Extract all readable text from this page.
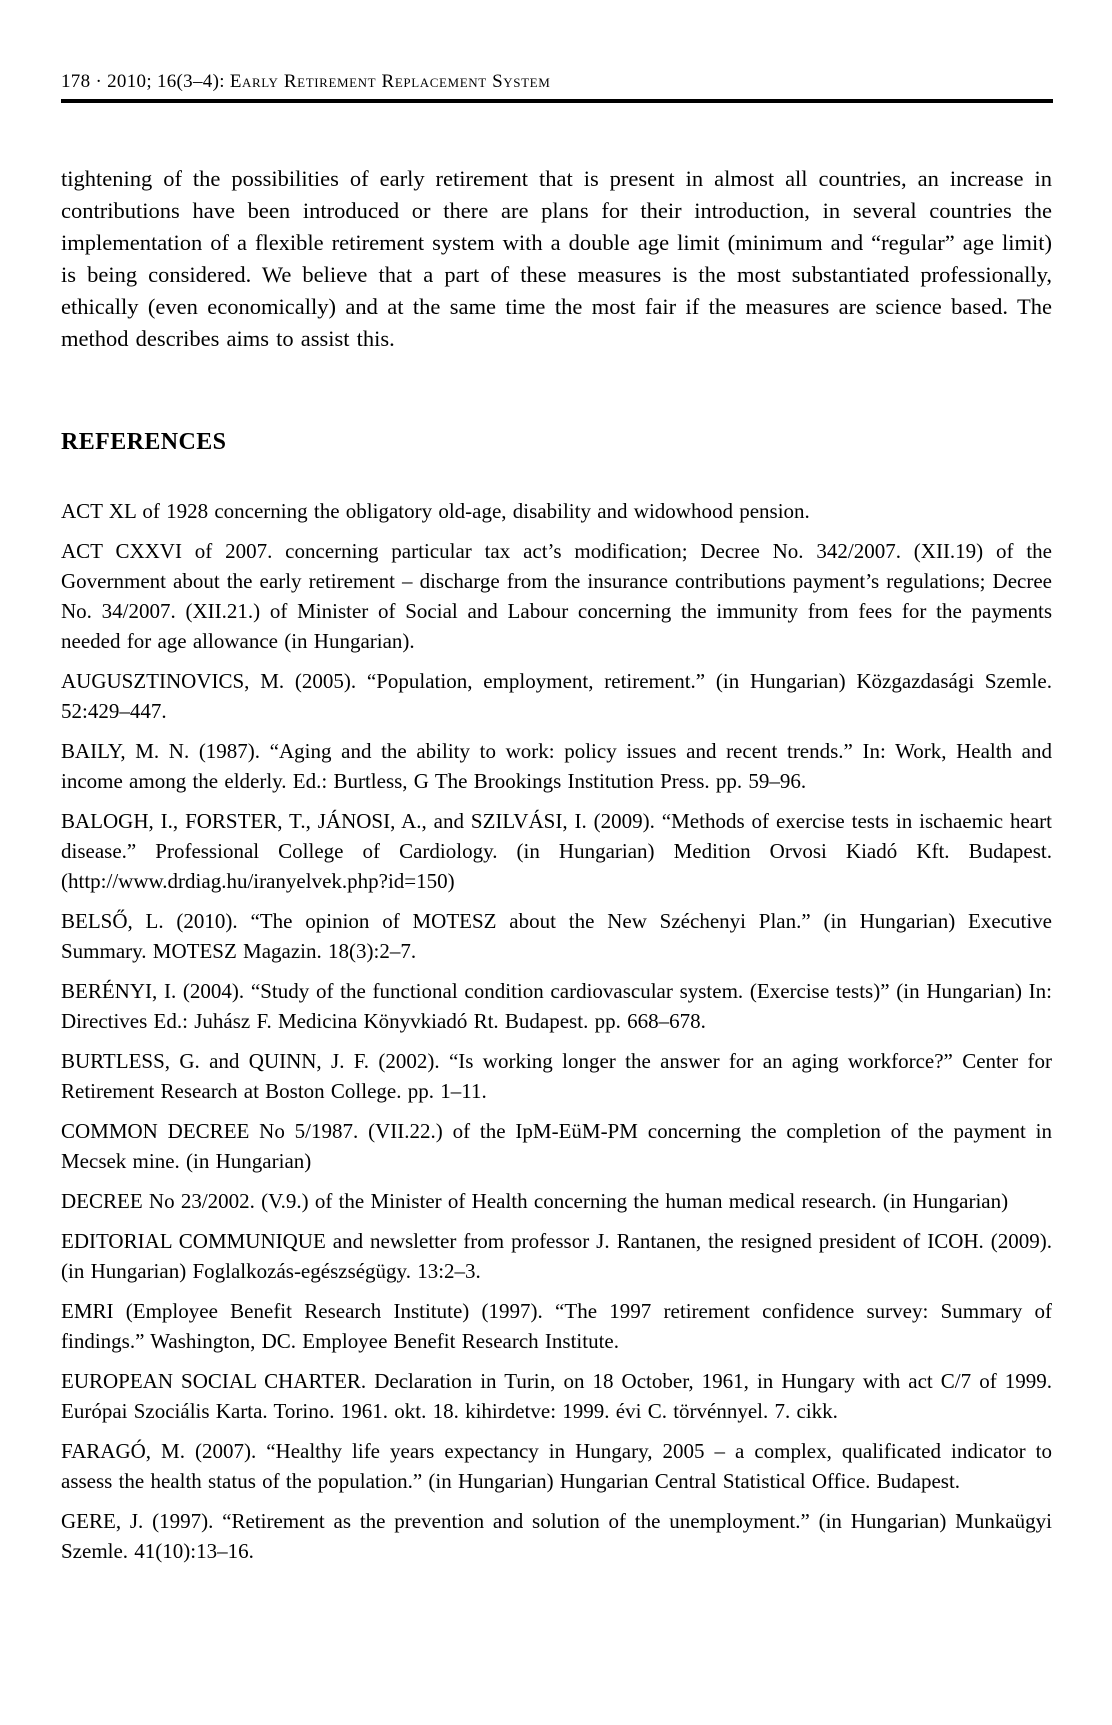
178 · 2010; 16(3–4): Early Retirement Replacement System

tightening of the possibilities of early retirement that is present in almost all countries, an increase in contributions have been introduced or there are plans for their introduction, in several countries the implementation of a flexible retirement system with a double age limit (minimum and “regular” age limit) is being considered. We believe that a part of these measures is the most substantiated professionally, ethically (even economically) and at the same time the most fair if the measures are science based. The method describes aims to assist this.

REFERENCES

ACT XL of 1928 concerning the obligatory old-age, disability and widowhood pension.

ACT CXXVI of 2007. concerning particular tax act’s modification; Decree No. 342/2007. (XII.19) of the Government about the early retirement – discharge from the insurance contributions payment’s regulations; Decree No. 34/2007. (XII.21.) of Minister of Social and Labour concerning the immunity from fees for the payments needed for age allowance (in Hungarian).

AUGUSZTINOVICS, M. (2005). “Population, employment, retirement.” (in Hungarian) Közgazdasági Szemle. 52:429–447.

BAILY, M. N. (1987). “Aging and the ability to work: policy issues and recent trends.” In: Work, Health and income among the elderly. Ed.: Burtless, G The Brookings Institution Press. pp. 59–96.

BALOGH, I., FORSTER, T., JÁNOSI, A., and SZILVÁSI, I. (2009). “Methods of exercise tests in ischaemic heart disease.” Professional College of Cardiology. (in Hungarian) Medition Orvosi Kiadó Kft. Budapest. (http://www.drdiag.hu/iranyelvek.php?id=150)

BELSŐ, L. (2010). “The opinion of MOTESZ about the New Széchenyi Plan.” (in Hungarian) Executive Summary. MOTESZ Magazin. 18(3):2–7.

BERÉNYI, I. (2004). “Study of the functional condition cardiovascular system. (Exercise tests)” (in Hungarian) In: Directives Ed.: Juhász F. Medicina Könyvkiadó Rt. Budapest. pp. 668–678.

BURTLESS, G. and QUINN, J. F. (2002). “Is working longer the answer for an aging workforce?” Center for Retirement Research at Boston College. pp. 1–11.

COMMON DECREE No 5/1987. (VII.22.) of the IpM-EüM-PM concerning the completion of the payment in Mecsek mine. (in Hungarian)

DECREE No 23/2002. (V.9.) of the Minister of Health concerning the human medical research. (in Hungarian)

EDITORIAL COMMUNIQUE and newsletter from professor J. Rantanen, the resigned president of ICOH. (2009). (in Hungarian) Foglalkozás-egészségügy. 13:2–3.

EMRI (Employee Benefit Research Institute) (1997). “The 1997 retirement confidence survey: Summary of findings.” Washington, DC. Employee Benefit Research Institute.

EUROPEAN SOCIAL CHARTER. Declaration in Turin, on 18 October, 1961, in Hungary with act C/7 of 1999. Európai Szociális Karta. Torino. 1961. okt. 18. kihirdetve: 1999. évi C. törvénnyel. 7. cikk.

FARAGÓ, M. (2007). “Healthy life years expectancy in Hungary, 2005 – a complex, qualificated indicator to assess the health status of the population.” (in Hungarian) Hungarian Central Statistical Office. Budapest.

GERE, J. (1997). “Retirement as the prevention and solution of the unemployment.” (in Hungarian) Munkaügyi Szemle. 41(10):13–16.
